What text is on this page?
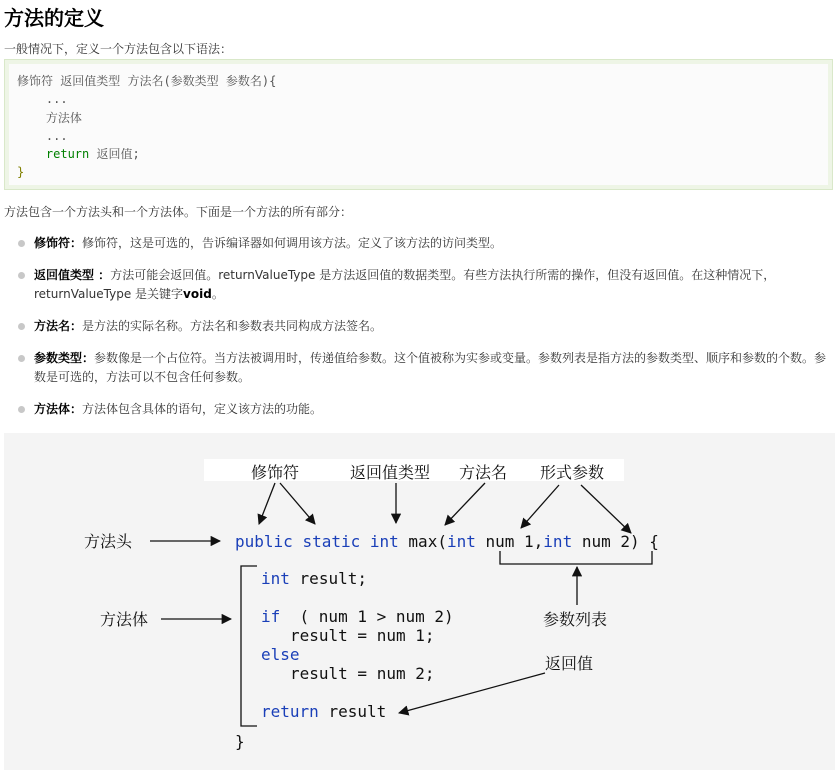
方法的定义
一般情况下，定义一个方法包含以下语法：
修饰符 返回值类型 方法名(参数类型 参数名){
...
方法体
...
return 返回值;
}
方法包含一个方法头和一个方法体。下面是一个方法的所有部分：
修饰符：修饰符，这是可选的，告诉编译器如何调用该方法。定义了该方法的访问类型。
返回值类型 ：方法可能会返回值。returnValueType 是方法返回值的数据类型。有些方法执行所需的操作，但没有返回值。在这种情况下，returnValueType 是关键字void。
方法名：是方法的实际名称。方法名和参数表共同构成方法签名。
参数类型：参数像是一个占位符。当方法被调用时，传递值给参数。这个值被称为实参或变量。参数列表是指方法的参数类型、顺序和参数的个数。参数是可选的，方法可以不包含任何参数。
方法体：方法体包含具体的语句，定义该方法的功能。
修饰符	返回值类型 方法名 形式参数
方法头
方法体	参数列表
返回值
public static int max(int num 1,int num 2) {
int result;
if ( num 1 > num 2)
result = num 1;
else
result = num 2;
return result
}
